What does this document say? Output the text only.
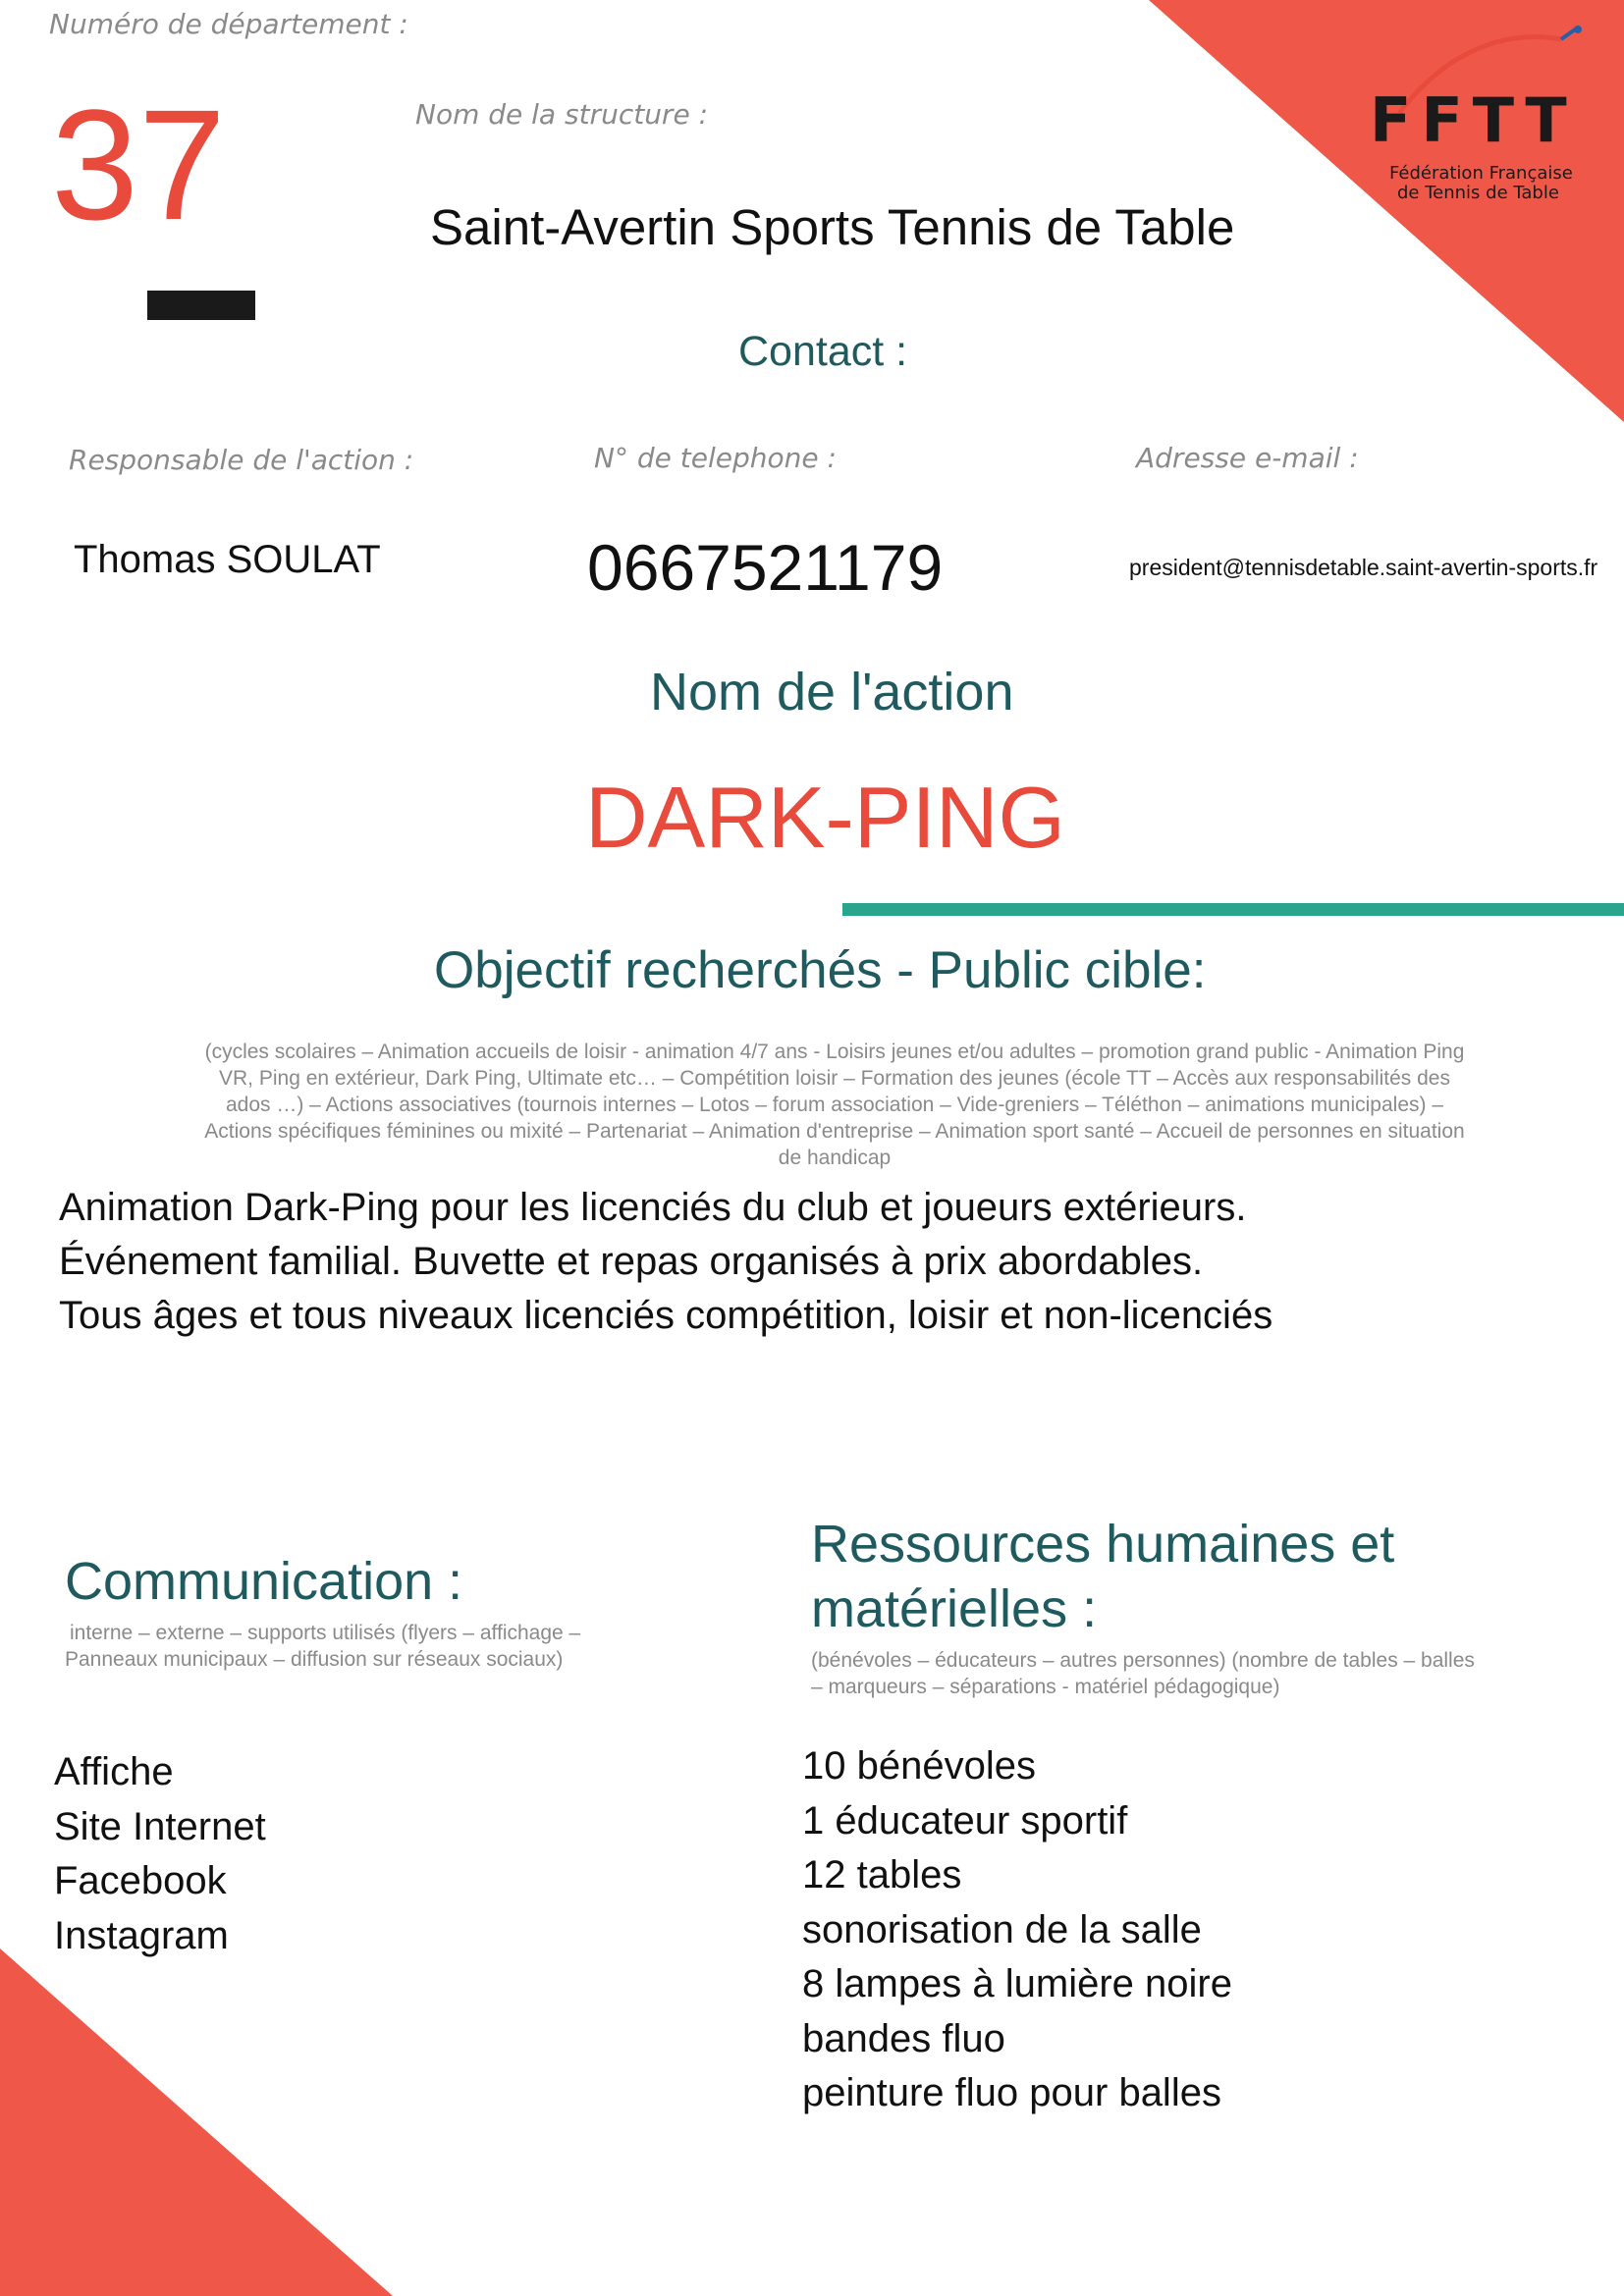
FFTT
Fédération Française
de Tennis de Table
Numéro de département :
37	Nom de la structure :
Saint-Avertin Sports Tennis de Table
Contact :
Responsable de l'action :	N° de telephone :	Adresse e-mail :
Thomas SOULAT	0667521179	president@tennisdetable.saint-avertin-sports.fr
Nom de l'action
DARK-PING
Objectif recherchés - Public cible:
(cycles scolaires – Animation accueils de loisir - animation 4/7 ans - Loisirs jeunes et/ou adultes – promotion grand public - Animation Ping
VR, Ping en extérieur, Dark Ping, Ultimate etc… – Compétition loisir – Formation des jeunes (école TT – Accès aux responsabilités des
ados …) – Actions associatives (tournois internes – Lotos – forum association – Vide-greniers – Téléthon – animations municipales) –
Actions spécifiques féminines ou mixité – Partenariat – Animation d'entreprise – Animation sport santé – Accueil de personnes en situation
de handicap
Animation Dark-Ping pour les licenciés du club et joueurs extérieurs.
Événement familial. Buvette et repas organisés à prix abordables.
Tous âges et tous niveaux licenciés compétition, loisir et non-licenciés
Communication :
interne – externe – supports utilisés (flyers – affichage –
Panneaux municipaux – diffusion sur réseaux sociaux)
Affiche
Site Internet
Facebook
Instagram
Ressources humaines et
matérielles :
(bénévoles – éducateurs – autres personnes) (nombre de tables – balles
– marqueurs – séparations - matériel pédagogique)
10 bénévoles
1 éducateur sportif
12 tables
sonorisation de la salle
8 lampes à lumière noire
bandes fluo
peinture fluo pour balles
